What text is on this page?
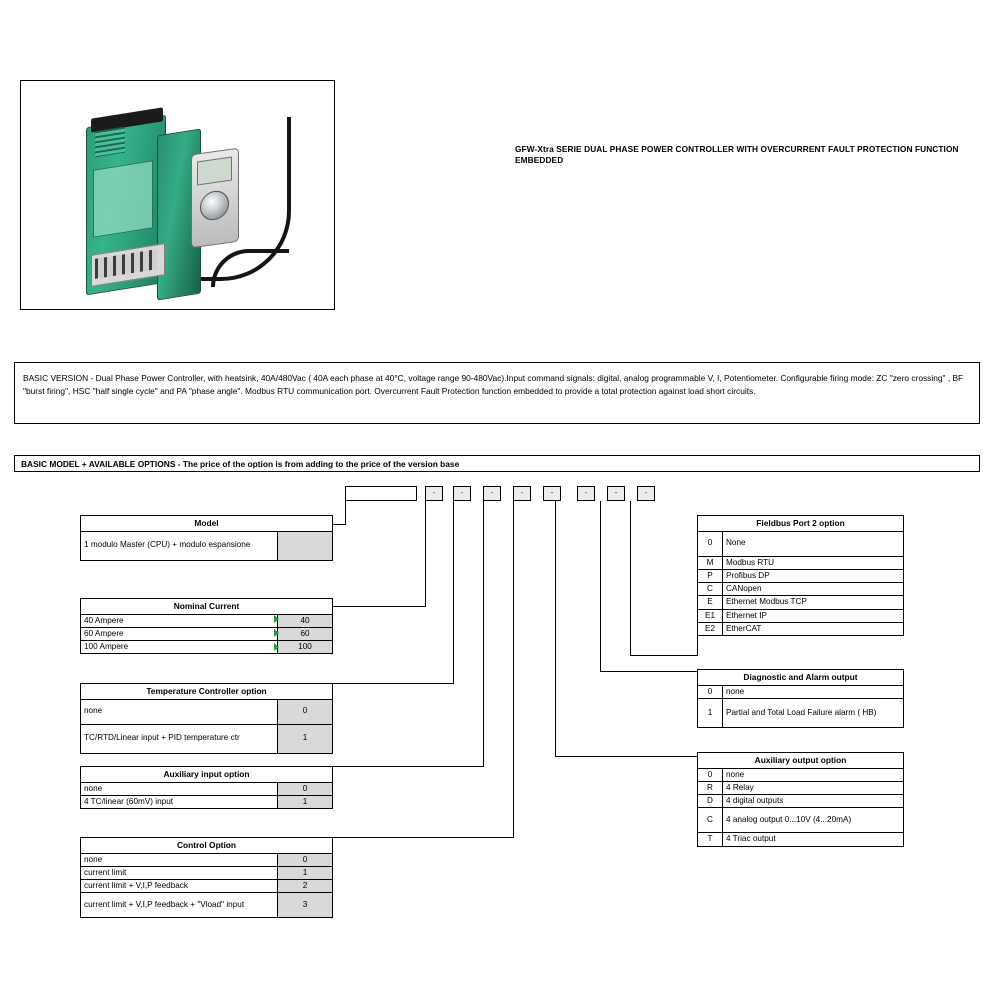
GFW-Xtra SERIE DUAL PHASE POWER CONTROLLER WITH OVERCURRENT FAULT PROTECTION FUNCTION EMBEDDED
BASIC VERSION - Dual Phase Power Controller, with heatsink, 40A/480Vac ( 40A each phase at 40°C, voltage range 90-480Vac).Input command signals: digital, analog programmable V, I, Potentiometer. Configurable firing mode: ZC "zero crossing" , BF "burst firing", HSC "half single cycle" and PA "phase angle". Modbus RTU communication port. Overcurrent Fault Protection function embedded to provide a total protection against load short circuits.
BASIC MODEL + AVAILABLE OPTIONS - The price of the option is from adding to the price of the version base
-	-	-	-	-	-	-	-
Model
1 modulo Master (CPU) + modulo espansione	
Nominal Current	
40 Ampere	40
60 Ampere	60
100 Ampere	100
Temperature Controller option	
none	0
TC/RTD/Linear input + PID temperature ctr	1
Auxiliary input option	
none	0
4 TC/linear (60mV) input	1
Control Option	
none	0
current limit	1
current limit + V,I,P feedback	2
current limit + V,I,P feedback + "Vload" input	3
Fieldbus Port 2 option	
0	None
M	Modbus RTU
P	Profibus DP
C	CANopen
E	Ethernet Modbus TCP
E1	Ethernet IP
E2	EtherCAT
Diagnostic and Alarm output	
0	none
1	Partial and Total Load Failure alarm ( HB)
Auxiliary output option	
0	none
R	4 Relay
D	4 digital outputs
C	4 analog output 0...10V (4...20mA)
T	4 Triac output
